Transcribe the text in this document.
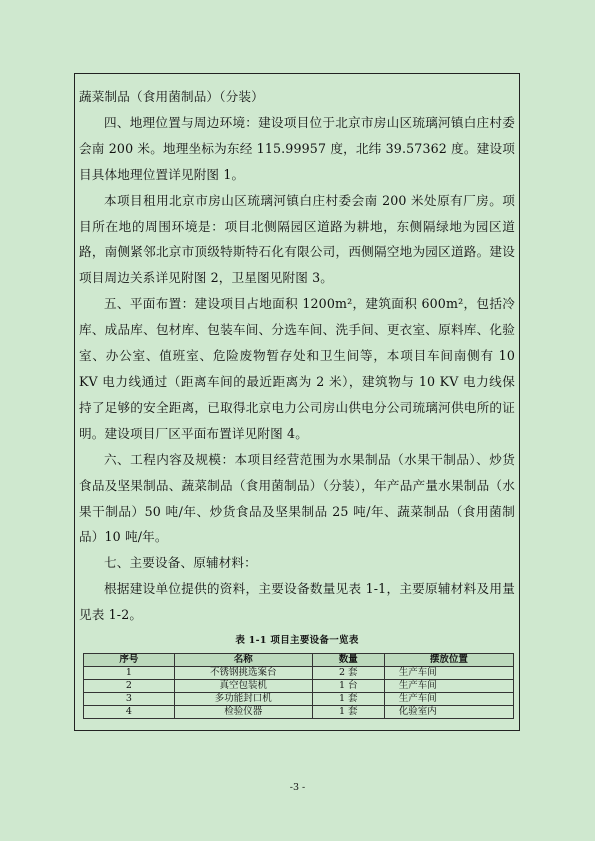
蔬菜制品（食用菌制品）（分装）

四、地理位置与周边环境：建设项目位于北京市房山区琉璃河镇白庄村委会南 200 米。地理坐标为东经 115.99957 度，北纬 39.57362 度。建设项目具体地理位置详见附图 1。

本项目租用北京市房山区琉璃河镇白庄村委会南 200 米处原有厂房。项目所在地的周围环境是：项目北侧隔园区道路为耕地，东侧隔绿地为园区道路，南侧紧邻北京市顶级特斯特石化有限公司，西侧隔空地为园区道路。建设项目周边关系详见附图 2，卫星图见附图 3。

五、平面布置：建设项目占地面积 1200m²，建筑面积 600m²，包括冷库、成品库、包材库、包装车间、分选车间、洗手间、更衣室、原料库、化验室、办公室、值班室、危险废物暂存处和卫生间等，本项目车间南侧有 10 KV 电力线通过（距离车间的最近距离为 2 米），建筑物与 10 KV 电力线保持了足够的安全距离，已取得北京电力公司房山供电分公司琉璃河供电所的证明。建设项目厂区平面布置详见附图 4。

六、工程内容及规模：本项目经营范围为水果制品（水果干制品）、炒货食品及坚果制品、蔬菜制品（食用菌制品）（分装），年产品产量水果制品（水果干制品）50 吨/年、炒货食品及坚果制品 25 吨/年、蔬菜制品（食用菌制品）10 吨/年。

七、主要设备、原辅材料：

根据建设单位提供的资料，主要设备数量见表 1-1，主要原辅材料及用量见表 1-2。

表 1-1 项目主要设备一览表
序号	名称	数量	摆放位置
1	不锈钢挑选案台	2 套	生产车间
2	真空包装机	1 台	生产车间
3	多功能封口机	1 套	生产车间
4	检验仪器	1 套	化验室内
-3 -
